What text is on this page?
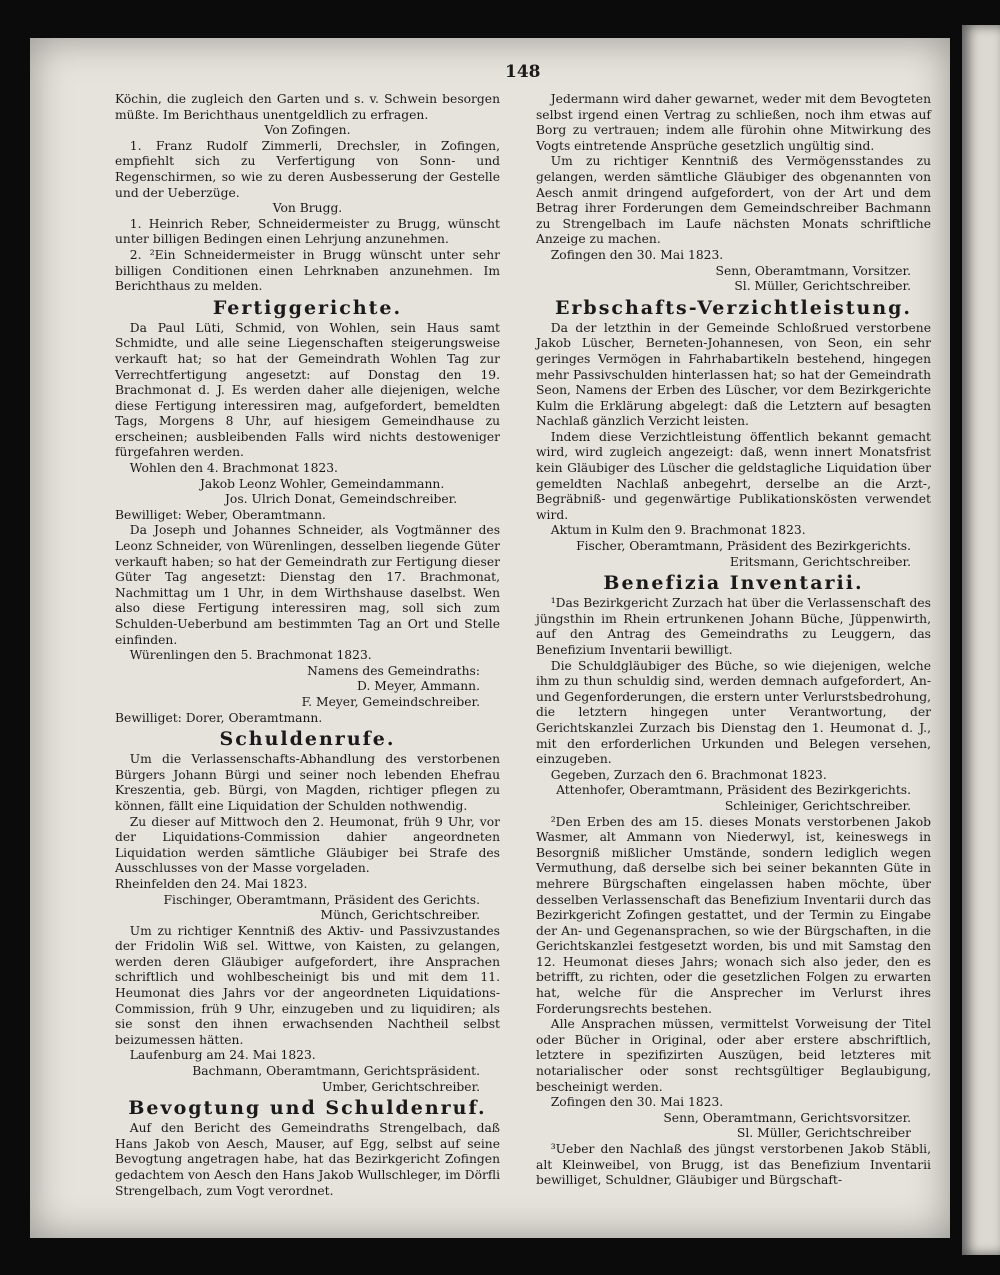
148

Köchin, die zugleich den Garten und s. v. Schwein besorgen müßte. Im Berichthaus unentgeldlich zu erfragen.

Von Zofingen.

1. Franz Rudolf Zimmerli, Drechsler, in Zofingen, empfiehlt sich zu Verfertigung von Sonn- und Regenschirmen, so wie zu deren Ausbesserung der Gestelle und der Ueberzüge.

Von Brugg.

1. Heinrich Reber, Schneidermeister zu Brugg, wünscht unter billigen Bedingen einen Lehrjung anzunehmen.

2. ²Ein Schneidermeister in Brugg wünscht unter sehr billigen Conditionen einen Lehrknaben anzunehmen. Im Berichthaus zu melden.

Fertiggerichte.

Da Paul Lüti, Schmid, von Wohlen, sein Haus samt Schmidte, und alle seine Liegenschaften steigerungsweise verkauft hat; so hat der Gemeindrath Wohlen Tag zur Verrechtfertigung angesetzt: auf Donstag den 19. Brachmonat d. J. Es werden daher alle diejenigen, welche diese Fertigung interessiren mag, aufgefordert, bemeldten Tags, Morgens 8 Uhr, auf hiesigem Gemeindhause zu erscheinen; ausbleibenden Falls wird nichts destoweniger fürgefahren werden.

Wohlen den 4. Brachmonat 1823.

Jakob Leonz Wohler, Gemeindammann.

Jos. Ulrich Donat, Gemeindschreiber.

Bewilliget: Weber, Oberamtmann.

Da Joseph und Johannes Schneider, als Vogtmänner des Leonz Schneider, von Würenlingen, desselben liegende Güter verkauft haben; so hat der Gemeindrath zur Fertigung dieser Güter Tag angesetzt: Dienstag den 17. Brachmonat, Nachmittag um 1 Uhr, in dem Wirthshause daselbst. Wen also diese Fertigung interessiren mag, soll sich zum Schulden-Ueberbund am bestimmten Tag an Ort und Stelle einfinden.

Würenlingen den 5. Brachmonat 1823.

Namens des Gemeindraths:

D. Meyer, Ammann.

F. Meyer, Gemeindschreiber.

Bewilliget: Dorer, Oberamtmann.

Schuldenrufe.

Um die Verlassenschafts-Abhandlung des verstorbenen Bürgers Johann Bürgi und seiner noch lebenden Ehefrau Kreszentia, geb. Bürgi, von Magden, richtiger pflegen zu können, fällt eine Liquidation der Schulden nothwendig.

Zu dieser auf Mittwoch den 2. Heumonat, früh 9 Uhr, vor der Liquidations-Commission dahier angeordneten Liquidation werden sämtliche Gläubiger bei Strafe des Ausschlusses von der Masse vorgeladen.

Rheinfelden den 24. Mai 1823.

Fischinger, Oberamtmann, Präsident des Gerichts.

Münch, Gerichtschreiber.

Um zu richtiger Kenntniß des Aktiv- und Passivzustandes der Fridolin Wiß sel. Wittwe, von Kaisten, zu gelangen, werden deren Gläubiger aufgefordert, ihre Ansprachen schriftlich und wohlbescheinigt bis und mit dem 11. Heumonat dies Jahrs vor der angeordneten Liquidations-Commission, früh 9 Uhr, einzugeben und zu liquidiren; als sie sonst den ihnen erwachsenden Nachtheil selbst beizumessen hätten.

Laufenburg am 24. Mai 1823.

Bachmann, Oberamtmann, Gerichtspräsident.

Umber, Gerichtschreiber.

Bevogtung und Schuldenruf.

Auf den Bericht des Gemeindraths Strengelbach, daß Hans Jakob von Aesch, Mauser, auf Egg, selbst auf seine Bevogtung angetragen habe, hat das Bezirkgericht Zofingen gedachtem von Aesch den Hans Jakob Wullschleger, im Dörfli Strengelbach, zum Vogt verordnet.

Jedermann wird daher gewarnet, weder mit dem Bevogteten selbst irgend einen Vertrag zu schließen, noch ihm etwas auf Borg zu vertrauen; indem alle fürohin ohne Mitwirkung des Vogts eintretende Ansprüche gesetzlich ungültig sind.

Um zu richtiger Kenntniß des Vermögensstandes zu gelangen, werden sämtliche Gläubiger des obgenannten von Aesch anmit dringend aufgefordert, von der Art und dem Betrag ihrer Forderungen dem Gemeindschreiber Bachmann zu Strengelbach im Laufe nächsten Monats schriftliche Anzeige zu machen.

Zofingen den 30. Mai 1823.

Senn, Oberamtmann, Vorsitzer.

Sl. Müller, Gerichtschreiber.

Erbschafts-Verzichtleistung.

Da der letzthin in der Gemeinde Schloßrued verstorbene Jakob Lüscher, Berneten-Johannesen, von Seon, ein sehr geringes Vermögen in Fahrhabartikeln bestehend, hingegen mehr Passivschulden hinterlassen hat; so hat der Gemeindrath Seon, Namens der Erben des Lüscher, vor dem Bezirkgerichte Kulm die Erklärung abgelegt: daß die Letztern auf besagten Nachlaß gänzlich Verzicht leisten.

Indem diese Verzichtleistung öffentlich bekannt gemacht wird, wird zugleich angezeigt: daß, wenn innert Monatsfrist kein Gläubiger des Lüscher die geldstagliche Liquidation über gemeldten Nachlaß anbegehrt, derselbe an die Arzt-, Begräbniß- und gegenwärtige Publikationskösten verwendet wird.

Aktum in Kulm den 9. Brachmonat 1823.

Fischer, Oberamtmann, Präsident des Bezirkgerichts.

Eritsmann, Gerichtschreiber.

Benefizia Inventarii.

¹Das Bezirkgericht Zurzach hat über die Verlassenschaft des jüngsthin im Rhein ertrunkenen Johann Büche, Jüppenwirth, auf den Antrag des Gemeindraths zu Leuggern, das Benefizium Inventarii bewilligt.

Die Schuldgläubiger des Büche, so wie diejenigen, welche ihm zu thun schuldig sind, werden demnach aufgefordert, An- und Gegenforderungen, die erstern unter Verlurstsbedrohung, die letztern hingegen unter Verantwortung, der Gerichtskanzlei Zurzach bis Dienstag den 1. Heumonat d. J., mit den erforderlichen Urkunden und Belegen versehen, einzugeben.

Gegeben, Zurzach den 6. Brachmonat 1823.

Attenhofer, Oberamtmann, Präsident des Bezirkgerichts.

Schleiniger, Gerichtschreiber.

²Den Erben des am 15. dieses Monats verstorbenen Jakob Wasmer, alt Ammann von Niederwyl, ist, keineswegs in Besorgniß mißlicher Umstände, sondern lediglich wegen Vermuthung, daß derselbe sich bei seiner bekannten Güte in mehrere Bürgschaften eingelassen haben möchte, über desselben Verlassenschaft das Benefizium Inventarii durch das Bezirkgericht Zofingen gestattet, und der Termin zu Eingabe der An- und Gegenansprachen, so wie der Bürgschaften, in die Gerichtskanzlei festgesetzt worden, bis und mit Samstag den 12. Heumonat dieses Jahrs; wonach sich also jeder, den es betrifft, zu richten, oder die gesetzlichen Folgen zu erwarten hat, welche für die Ansprecher im Verlurst ihres Forderungsrechts bestehen.

Alle Ansprachen müssen, vermittelst Vorweisung der Titel oder Bücher in Original, oder aber erstere abschriftlich, letztere in spezifizirten Auszügen, beid letzteres mit notarialischer oder sonst rechtsgültiger Beglaubigung, bescheinigt werden.

Zofingen den 30. Mai 1823.

Senn, Oberamtmann, Gerichtsvorsitzer.

Sl. Müller, Gerichtschreiber

³Ueber den Nachlaß des jüngst verstorbenen Jakob Stäbli, alt Kleinweibel, von Brugg, ist das Benefizium Inventarii bewilliget, Schuldner, Gläubiger und Bürgschaft-
